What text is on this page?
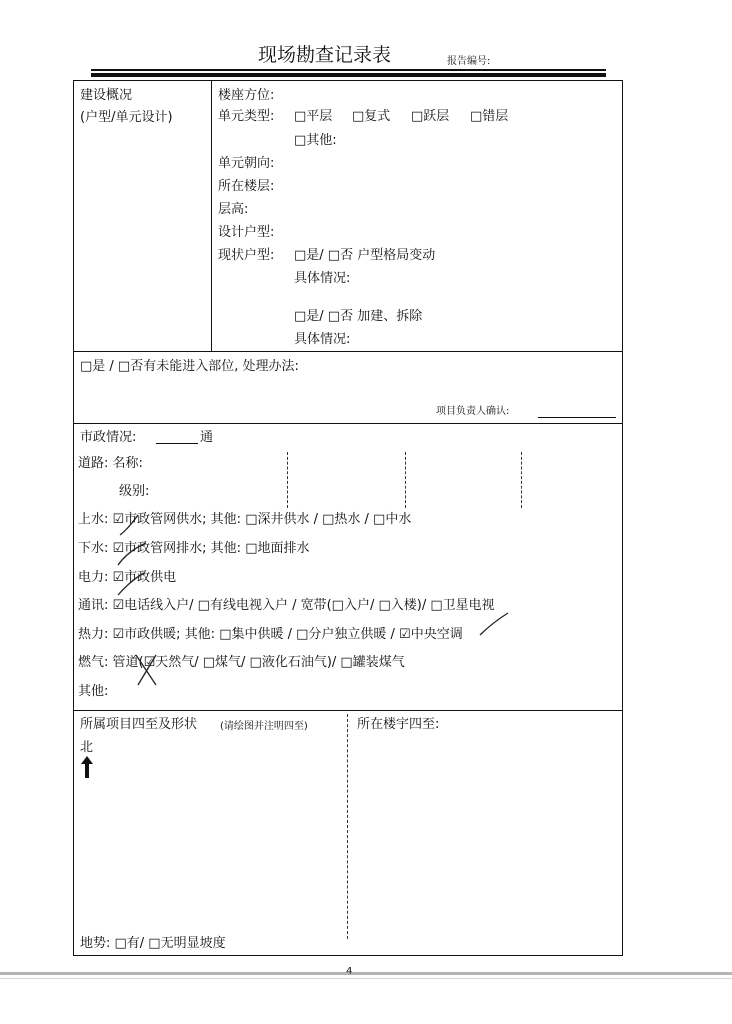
现场勘查记录表	报告编号:
建设概况
(户型/单元设计)
楼座方位:
单元类型: □平层 □复式 □跃层 □错层
□其他:
单元朝向:
所在楼层:
层高:
设计户型:
现状户型: □是/ □否 户型格局变动
具体情况:
□是/ □否 加建、拆除
具体情况:
□是 / □否有未能进入部位, 处理办法:
项目负责人确认:
市政情况:	通
道路: 名称:
级别:
上水: ☑市政管网供水; 其他: □深井供水 / □热水 / □中水
下水: ☑市政管网排水; 其他: □地面排水
电力: ☑市政供电
通讯: ☑电话线入户/ □有线电视入户 / 宽带(□入户/ □入楼)/ □卫星电视
热力: ☑市政供暖; 其他: □集中供暖 / □分户独立供暖 / ☑中央空调
燃气: 管道(☑天然气/ □煤气/ □液化石油气)/ □罐装煤气
其他:
所属项目四至及形状 (请绘图并注明四至)	所在楼宇四至:
北
地势: □有/ □无明显坡度
